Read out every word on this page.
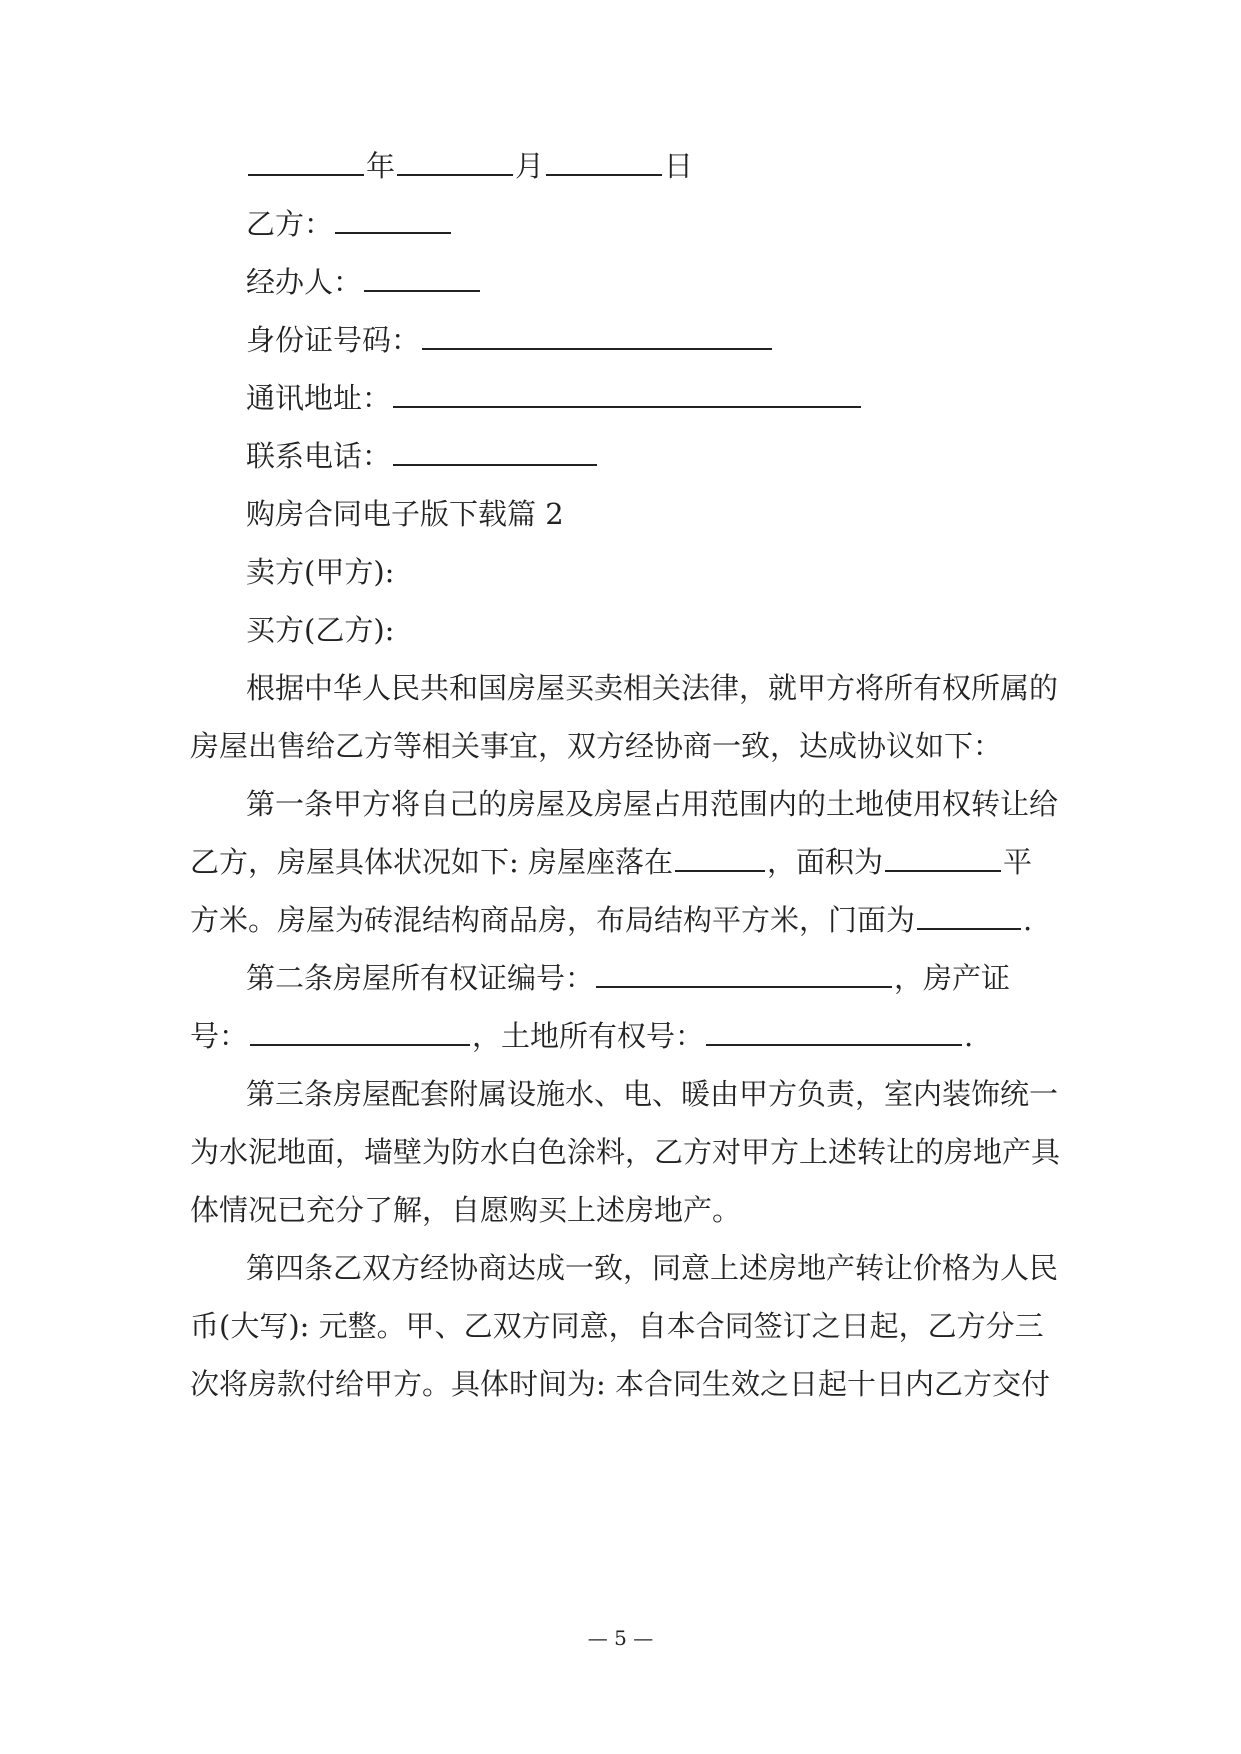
年	月	日
乙方：
经办人：
身份证号码：
通讯地址：
联系电话：
购房合同电子版下载篇 2
卖方(甲方):
买方(乙方):
根据中华人民共和国房屋买卖相关法律，就甲方将所有权所属的
房屋出售给乙方等相关事宜，双方经协商一致，达成协议如下：
第一条甲方将自己的房屋及房屋占用范围内的土地使用权转让给
乙方，房屋具体状况如下: 房屋座落在	，面积为	平
方米。房屋为砖混结构商品房，布局结构平方米，门面为	.
第二条房屋所有权证编号：	，房产证
号：	，土地所有权号：	.
第三条房屋配套附属设施水、电、暖由甲方负责，室内装饰统一
为水泥地面，墙壁为防水白色涂料，乙方对甲方上述转让的房地产具
体情况已充分了解，自愿购买上述房地产。
第四条乙双方经协商达成一致，同意上述房地产转让价格为人民
币(大写): 元整。甲、乙双方同意，自本合同签订之日起，乙方分三
次将房款付给甲方。具体时间为: 本合同生效之日起十日内乙方交付
— 5 —
